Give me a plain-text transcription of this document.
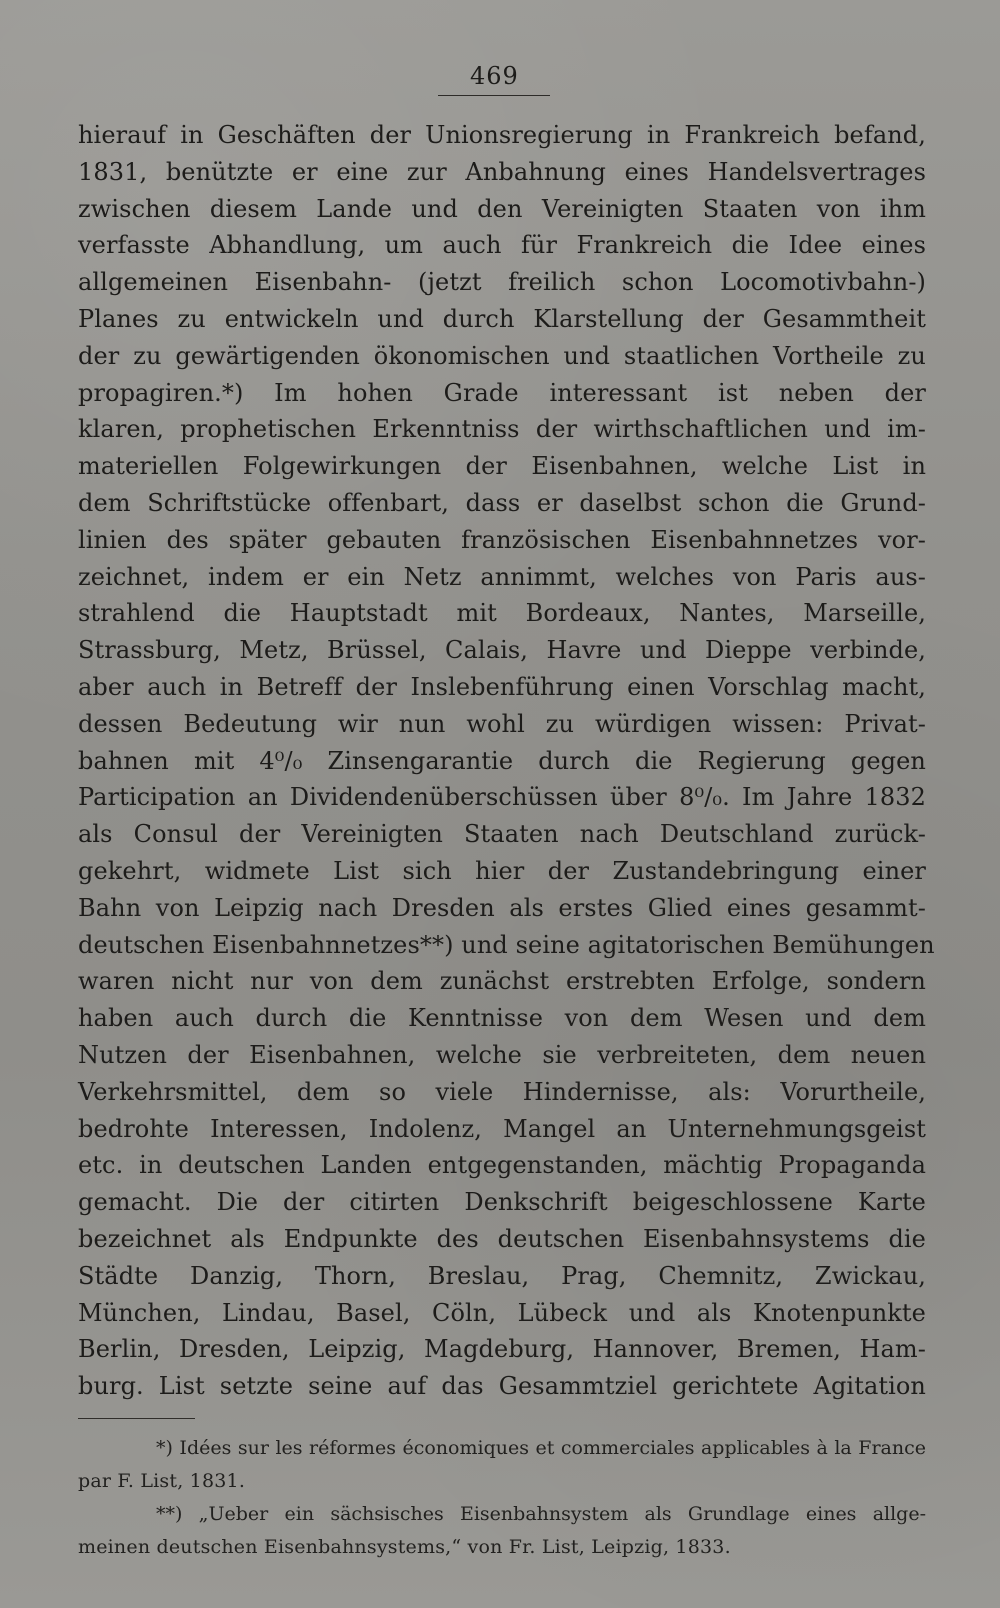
469
hierauf in Geschäften der Unionsregierung in Frankreich befand,
1831, benützte er eine zur Anbahnung eines Handelsvertrages
zwischen diesem Lande und den Vereinigten Staaten von ihm
verfasste Abhandlung, um auch für Frankreich die Idee eines
allgemeinen Eisenbahn- (jetzt freilich schon Locomotivbahn-)
Planes zu entwickeln und durch Klarstellung der Gesammtheit
der zu gewärtigenden ökonomischen und staatlichen Vortheile zu
propagiren.*) Im hohen Grade interessant ist neben der
klaren, prophetischen Erkenntniss der wirthschaftlichen und im-
materiellen Folgewirkungen der Eisenbahnen, welche List in
dem Schriftstücke offenbart, dass er daselbst schon die Grund-
linien des später gebauten französischen Eisenbahnnetzes vor-
zeichnet, indem er ein Netz annimmt, welches von Paris aus-
strahlend die Hauptstadt mit Bordeaux, Nantes, Marseille,
Strassburg, Metz, Brüssel, Calais, Havre und Dieppe verbinde,
aber auch in Betreff der Inslebenführung einen Vorschlag macht,
dessen Bedeutung wir nun wohl zu würdigen wissen: Privat-
bahnen mit 4⁰/₀ Zinsengarantie durch die Regierung gegen
Participation an Dividendenüberschüssen über 8⁰/₀. Im Jahre 1832
als Consul der Vereinigten Staaten nach Deutschland zurück-
gekehrt, widmete List sich hier der Zustandebringung einer
Bahn von Leipzig nach Dresden als erstes Glied eines gesammt-
deutschen Eisenbahnnetzes**) und seine agitatorischen Bemühungen
waren nicht nur von dem zunächst erstrebten Erfolge, sondern
haben auch durch die Kenntnisse von dem Wesen und dem
Nutzen der Eisenbahnen, welche sie verbreiteten, dem neuen
Verkehrsmittel, dem so viele Hindernisse, als: Vorurtheile,
bedrohte Interessen, Indolenz, Mangel an Unternehmungsgeist
etc. in deutschen Landen entgegenstanden, mächtig Propaganda
gemacht. Die der citirten Denkschrift beigeschlossene Karte
bezeichnet als Endpunkte des deutschen Eisenbahnsystems die
Städte Danzig, Thorn, Breslau, Prag, Chemnitz, Zwickau,
München, Lindau, Basel, Cöln, Lübeck und als Knotenpunkte
Berlin, Dresden, Leipzig, Magdeburg, Hannover, Bremen, Ham-
burg. List setzte seine auf das Gesammtziel gerichtete Agitation
*) Idées sur les réformes économiques et commerciales applicables à la France
par F. List, 1831.
**) „Ueber ein sächsisches Eisenbahnsystem als Grundlage eines allge-
meinen deutschen Eisenbahnsystems,“ von Fr. List, Leipzig, 1833.
